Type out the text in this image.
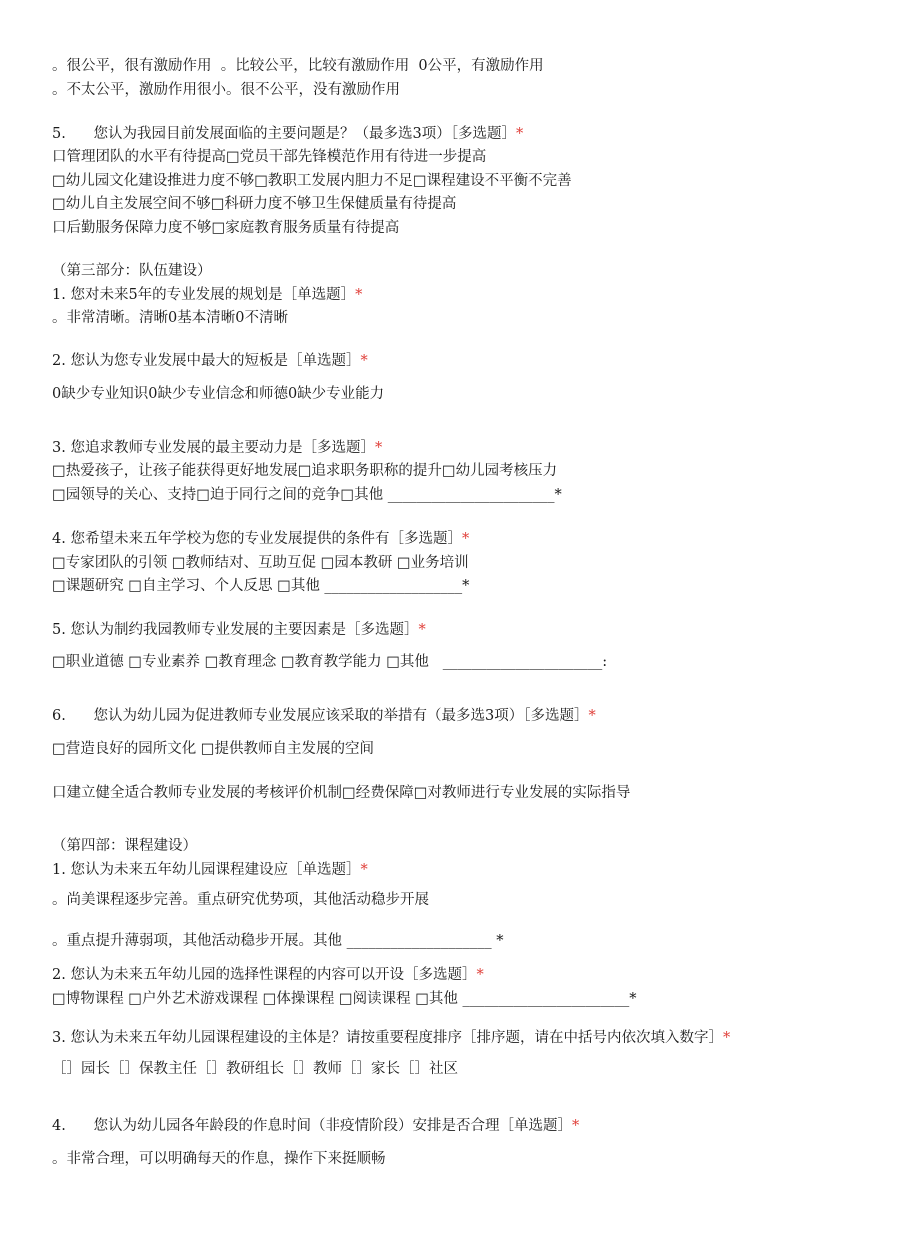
。很公平，很有激励作用  。比较公平，比较有激励作用  0公平，有激励作用
。不太公平，激励作用很小。很不公平，没有激励作用
5.      您认为我园目前发展面临的主要问题是？（最多选3项）［多选题］*
口管理团队的水平有待提高□党员干部先锋模范作用有待进一步提高
□幼儿园文化建设推进力度不够□教职工发展内胆力不足□课程建设不平衡不完善
□幼儿自主发展空间不够□科研力度不够卫生保健质量有待提高
口后勤服务保障力度不够□家庭教育服务质量有待提高
（第三部分：队伍建设）
1. 您对未来5年的专业发展的规划是［单选题］*
。非常清晰。清晰0基本清晰0不清晰
2. 您认为您专业发展中最大的短板是［单选题］*
0缺少专业知识0缺少专业信念和师德0缺少专业能力
3. 您追求教师专业发展的最主要动力是［多选题］*
□热爱孩子，让孩子能获得更好地发展□追求职务职称的提升□幼儿园考核压力
□园领导的关心、支持□迫于同行之间的竞争□其他 _______________________*
4. 您希望未来五年学校为您的专业发展提供的条件有［多选题］*
□专家团队的引领 □教师结对、互助互促 □园本教研 □业务培训
□课题研究 □自主学习、个人反思 □其他 ___________________*
5. 您认为制约我园教师专业发展的主要因素是［多选题］*
□职业道德 □专业素养 □教育理念 □教育教学能力 □其他   ______________________:
6.      您认为幼儿园为促进教师专业发展应该采取的举措有（最多选3项）［多选题］*
□营造良好的园所文化 □提供教师自主发展的空间
口建立健全适合教师专业发展的考核评价机制□经费保障□对教师进行专业发展的实际指导
（第四部：课程建设）
1. 您认为未来五年幼儿园课程建设应［单选题］*
。尚美课程逐步完善。重点研究优势项，其他活动稳步开展
。重点提升薄弱项，其他活动稳步开展。其他 ____________________ *
2. 您认为未来五年幼儿园的选择性课程的内容可以开设［多选题］*
□博物课程 □户外艺术游戏课程 □体操课程 □阅读课程 □其他 _______________________*
3. 您认为未来五年幼儿园课程建设的主体是？请按重要程度排序［排序题，请在中括号内依次填入数字］*
［］园长［］保教主任［］教研组长［］教师［］家长［］社区
4.      您认为幼儿园各年龄段的作息时间（非疫情阶段）安排是否合理［单选题］*
。非常合理，可以明确每天的作息，操作下来挺顺畅
